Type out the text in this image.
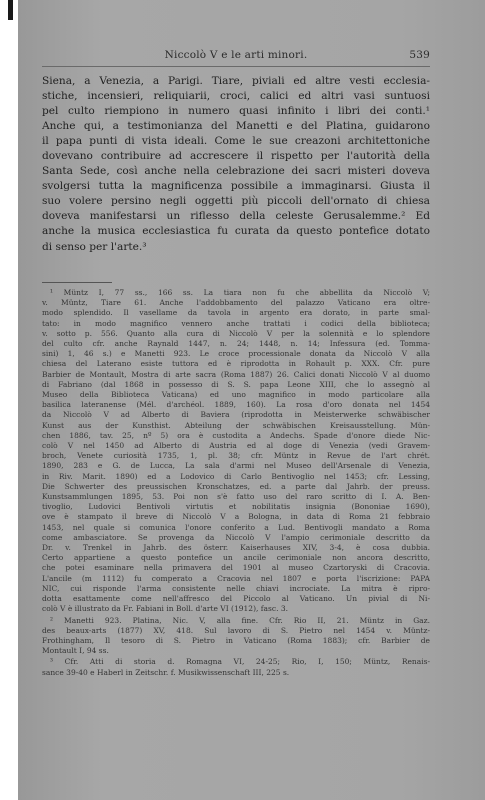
Niccolò V e le arti minori.	539
Siena, a Venezia, a Parigi. Tiare, piviali ed altre vesti ecclesia-
stiche, incensieri, reliquiarii, croci, calici ed altri vasi suntuosi
pel culto riempiono in numero quasi infinito i libri dei conti.¹
Anche qui, a testimonianza del Manetti e del Platina, guidarono
il papa punti di vista ideali. Come le sue creazoni architettoniche
dovevano contribuire ad accrescere il rispetto per l'autorità della
Santa Sede, così anche nella celebrazione dei sacri misteri doveva
svolgersi tutta la magnificenza possibile a immaginarsi. Giusta il
suo volere persino negli oggetti più piccoli dell'ornato di chiesa
doveva manifestarsi un riflesso della celeste Gerusalemme.² Ed
anche la musica ecclesiastica fu curata da questo pontefice dotato
di senso per l'arte.³
¹ Müntz I, 77 ss., 166 ss. La tiara non fu che abbellita da Niccolò V;
v. Müntz, Tiare 61. Anche l'addobbamento del palazzo Vaticano era oltre-
modo splendido. Il vasellame da tavola in argento era dorato, in parte smal-
tato: in modo magnifico vennero anche trattati i codici della biblioteca;
v. sotto p. 556. Quanto alla cura di Niccolò V per la solennità e lo splendore
del culto cfr. anche Raynald 1447, n. 24; 1448, n. 14; Infessura (ed. Tomma-
sini) 1, 46 s.) e Manetti 923. Le croce processionale donata da Niccolò V alla
chiesa del Laterano esiste tuttora ed è riprodotta in Rohault p. XXX. Cfr. pure
Barbier de Montault, Mostra di arte sacra (Roma 1887) 26. Calici donati Niccolò V al duomo
di Fabriano (dal 1868 in possesso di S. S. papa Leone XIII, che lo assegnò al
Museo della Biblioteca Vaticana) ed uno magnifico in modo particolare alla
basilica lateranense (Mél. d'archéol. 1889, 160). La rosa d'oro donata nel 1454
da Niccolò V ad Alberto di Baviera (riprodotta in Meisterwerke schwäbischer
Kunst aus der Kunsthist. Abteilung der schwäbischen Kreisausstellung. Mün-
chen 1886, tav. 25, nº 5) ora è custodita a Andechs. Spade d'onore diede Nic-
colò V nel 1450 ad Alberto di Austria ed al doge di Venezia (vedi Gravem-
broch, Venete curiosità 1735, 1, pl. 38; cfr. Müntz in Revue de l'art chrét.
1890, 283 e G. de Lucca, La sala d'armi nel Museo dell'Arsenale di Venezia,
in Riv. Marit. 1890) ed a Lodovico di Carlo Bentivoglio nel 1453; cfr. Lessing,
Die Schwerter des preussischen Kronschatzes, ed. a parte dal Jahrb. der preuss.
Kunstsammlungen 1895, 53. Poi non s'è fatto uso del raro scritto di I. A. Ben-
tivoglio, Ludovici Bentivoli virtutis et nobilitatis insignia (Bononiae 1690),
ove è stampato il breve di Niccolò V a Bologna, in data di Roma 21 febbraio
1453, nel quale si comunica l'onore conferito a Lud. Bentivogli mandato a Roma
come ambasciatore. Se provenga da Niccolò V l'ampio cerimoniale descritto da
Dr. v. Trenkel in Jahrb. des österr. Kaiserhauses XIV, 3-4, è cosa dubbia.
Certo appartiene a questo pontefice un ancile cerimoniale non ancora descritto,
che potei esaminare nella primavera del 1901 al museo Czartoryski di Cracovia.
L'ancile (m 1112) fu comperato a Cracovia nel 1807 e porta l'iscrizione: PAPA
NIC, cui risponde l'arma consistente nelle chiavi incrociate. La mitra è ripro-
dotta esattamente come nell'affresco del Piccolo al Vaticano. Un pivial di Ni-
colò V è illustrato da Fr. Fabiani in Boll. d'arte VI (1912), fasc. 3.
² Manetti 923. Platina, Nic. V, alla fine. Cfr. Rio II, 21. Müntz in Gaz.
des beaux-arts (1877) XV, 418. Sul lavoro di S. Pietro nel 1454 v. Müntz-
Frothingham, Il tesoro di S. Pietro in Vaticano (Roma 1883); cfr. Barbier de
Montault I, 94 ss.
³ Cfr. Atti di storia d. Romagna VI, 24-25; Rio, I, 150; Müntz, Renais-
sance 39-40 e Haberl in Zeitschr. f. Musikwissenschaft III, 225 s.
